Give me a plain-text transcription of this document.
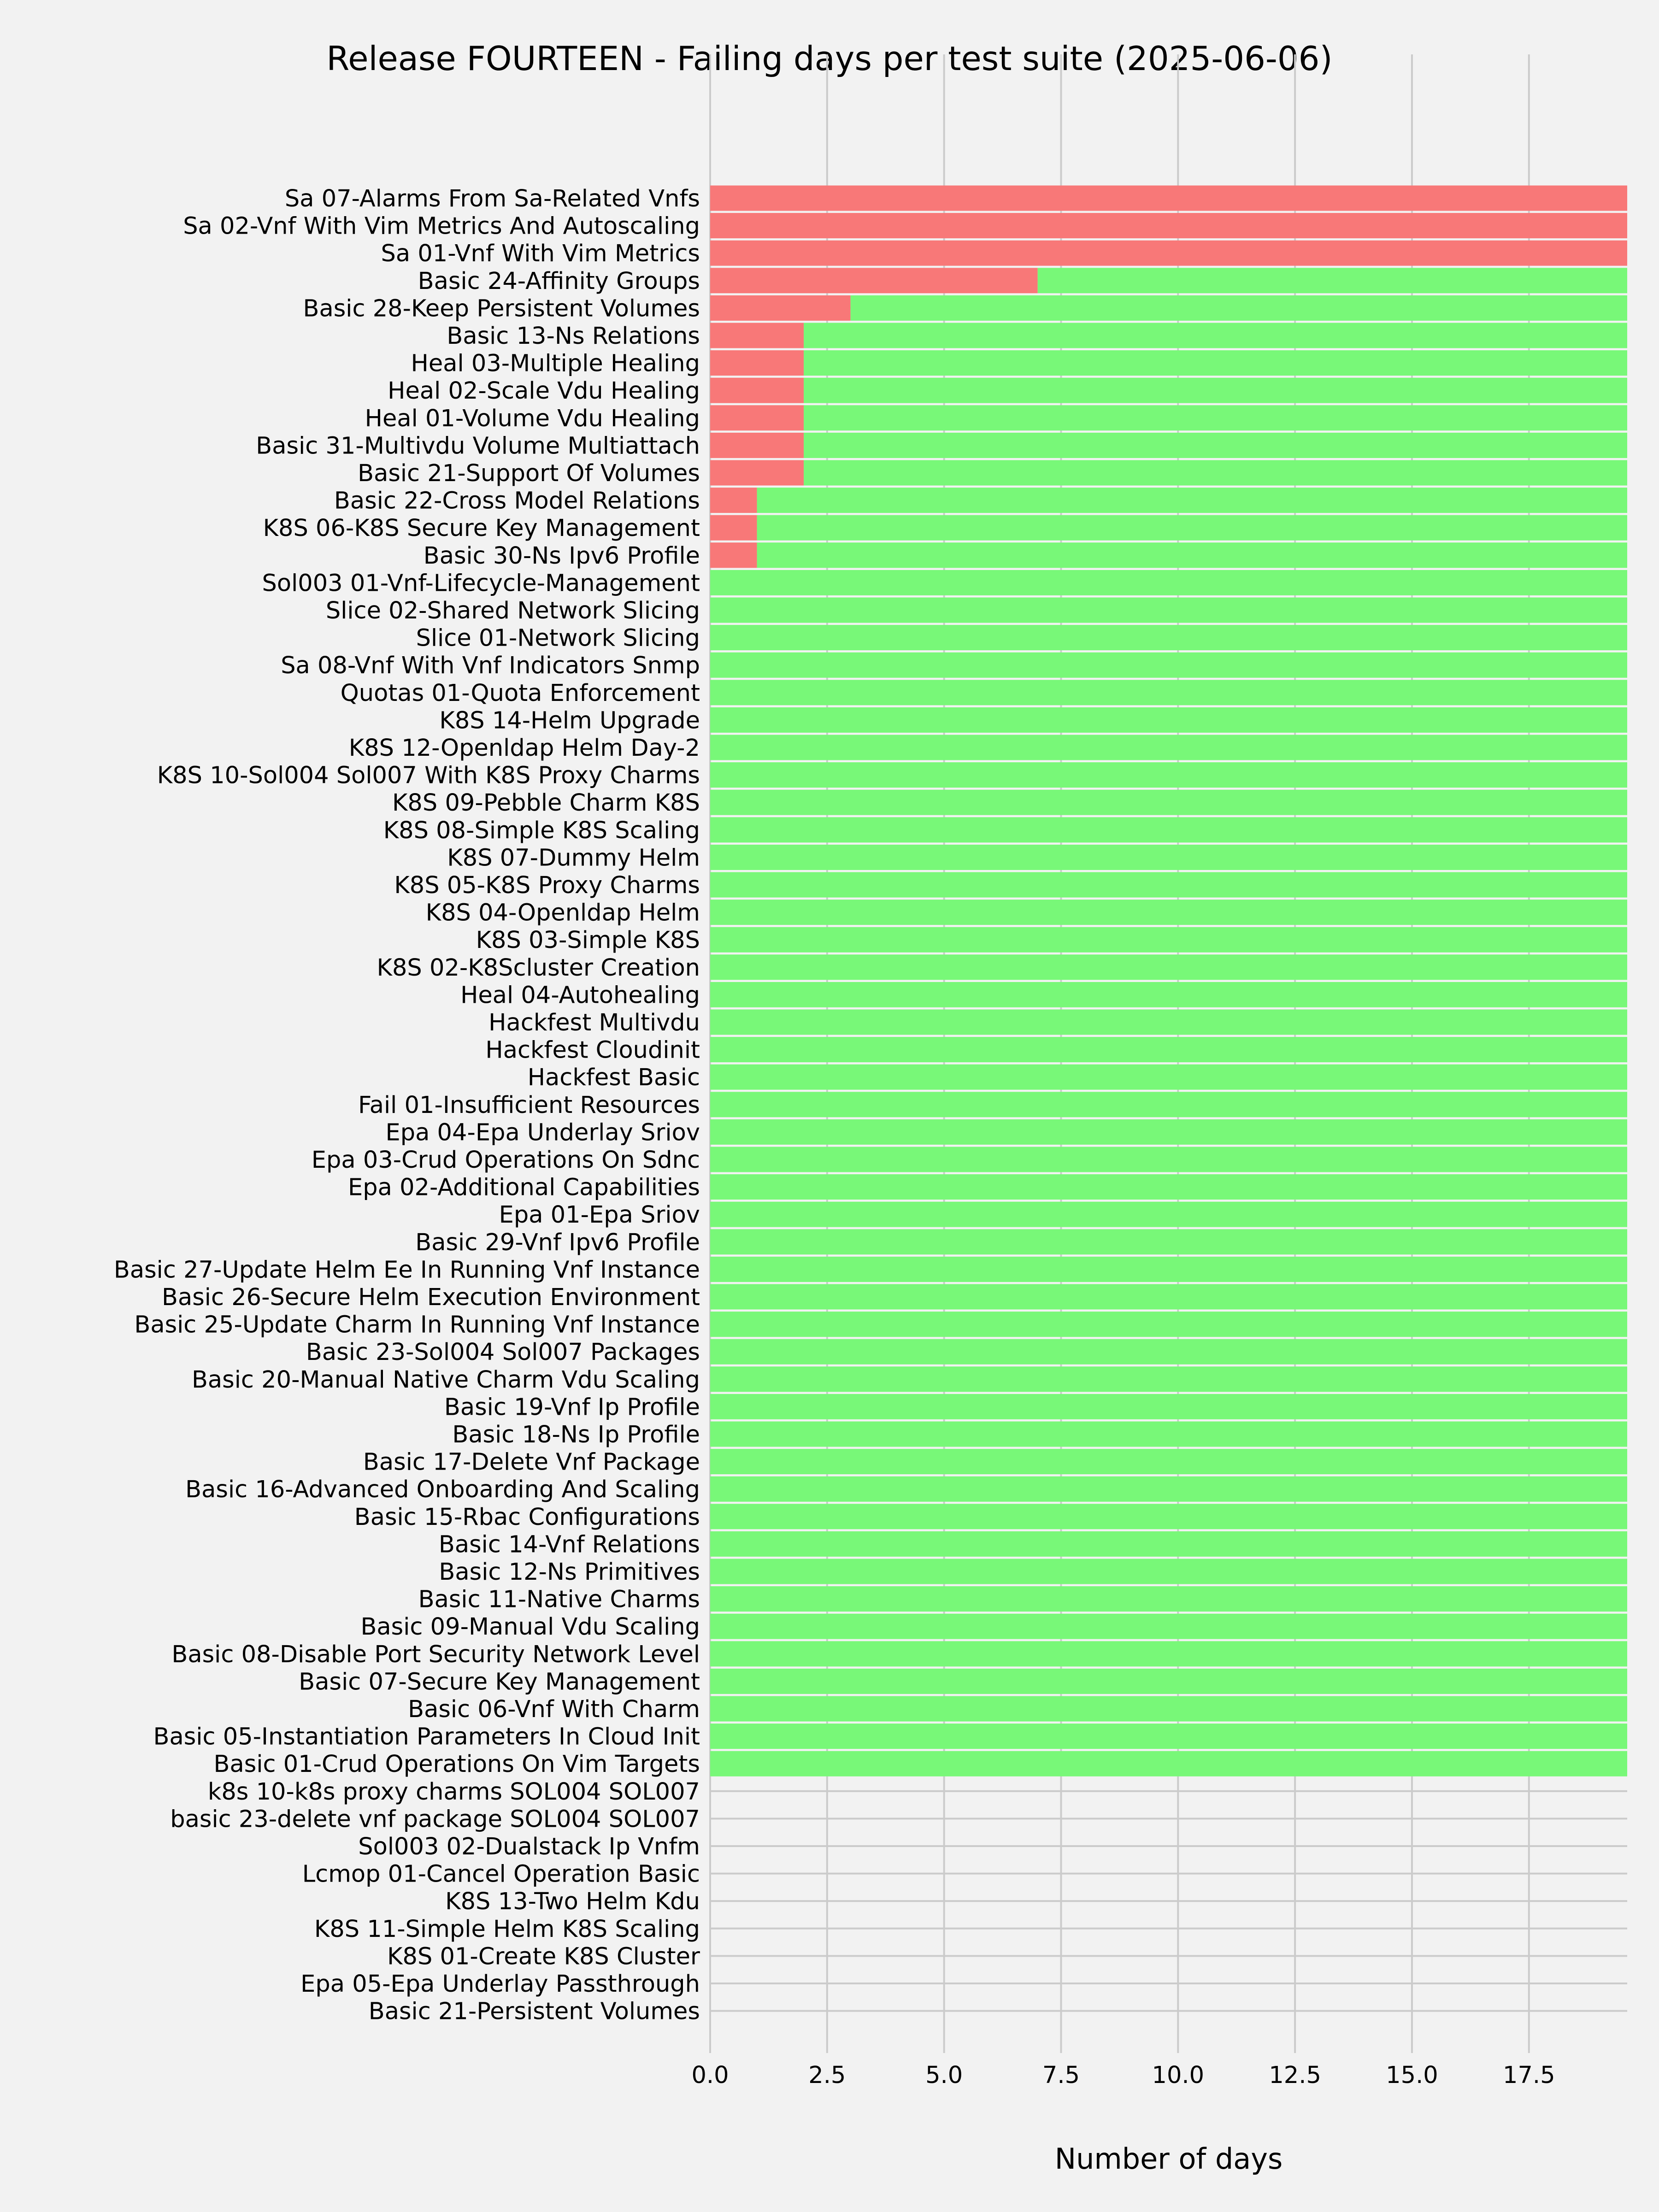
Release FOURTEEN - Failing days per test suite (2025-06-06)
Sa 07-Alarms From Sa-Related Vnfs
Sa 02-Vnf With Vim Metrics And Autoscaling
Sa 01-Vnf With Vim Metrics
Basic 24-Affinity Groups
Basic 28-Keep Persistent Volumes
Basic 13-Ns Relations
Heal 03-Multiple Healing
Heal 02-Scale Vdu Healing
Heal 01-Volume Vdu Healing
Basic 31-Multivdu Volume Multiattach
Basic 21-Support Of Volumes
Basic 22-Cross Model Relations
K8S 06-K8S Secure Key Management
Basic 30-Ns Ipv6 Profile
Sol003 01-Vnf-Lifecycle-Management
Slice 02-Shared Network Slicing
Slice 01-Network Slicing
Sa 08-Vnf With Vnf Indicators Snmp
Quotas 01-Quota Enforcement
K8S 14-Helm Upgrade
K8S 12-Openldap Helm Day-2
K8S 10-Sol004 Sol007 With K8S Proxy Charms
K8S 09-Pebble Charm K8S
K8S 08-Simple K8S Scaling
K8S 07-Dummy Helm
K8S 05-K8S Proxy Charms
K8S 04-Openldap Helm
K8S 03-Simple K8S
K8S 02-K8Scluster Creation
Heal 04-Autohealing
Hackfest Multivdu
Hackfest Cloudinit
Hackfest Basic
Fail 01-Insufficient Resources
Epa 04-Epa Underlay Sriov
Epa 03-Crud Operations On Sdnc
Epa 02-Additional Capabilities
Epa 01-Epa Sriov
Basic 29-Vnf Ipv6 Profile
Basic 27-Update Helm Ee In Running Vnf Instance
Basic 26-Secure Helm Execution Environment
Basic 25-Update Charm In Running Vnf Instance
Basic 23-Sol004 Sol007 Packages
Basic 20-Manual Native Charm Vdu Scaling
Basic 19-Vnf Ip Profile
Basic 18-Ns Ip Profile
Basic 17-Delete Vnf Package
Basic 16-Advanced Onboarding And Scaling
Basic 15-Rbac Configurations
Basic 14-Vnf Relations
Basic 12-Ns Primitives
Basic 11-Native Charms
Basic 09-Manual Vdu Scaling
Basic 08-Disable Port Security Network Level
Basic 07-Secure Key Management
Basic 06-Vnf With Charm
Basic 05-Instantiation Parameters In Cloud Init
Basic 01-Crud Operations On Vim Targets
k8s 10-k8s proxy charms SOL004 SOL007
basic 23-delete vnf package SOL004 SOL007
Sol003 02-Dualstack Ip Vnfm
Lcmop 01-Cancel Operation Basic
K8S 13-Two Helm Kdu
K8S 11-Simple Helm K8S Scaling
K8S 01-Create K8S Cluster
Epa 05-Epa Underlay Passthrough
Basic 21-Persistent Volumes
0.0	2.5	5.0	7.5	10.0	12.5	15.0	17.5
Number of days
